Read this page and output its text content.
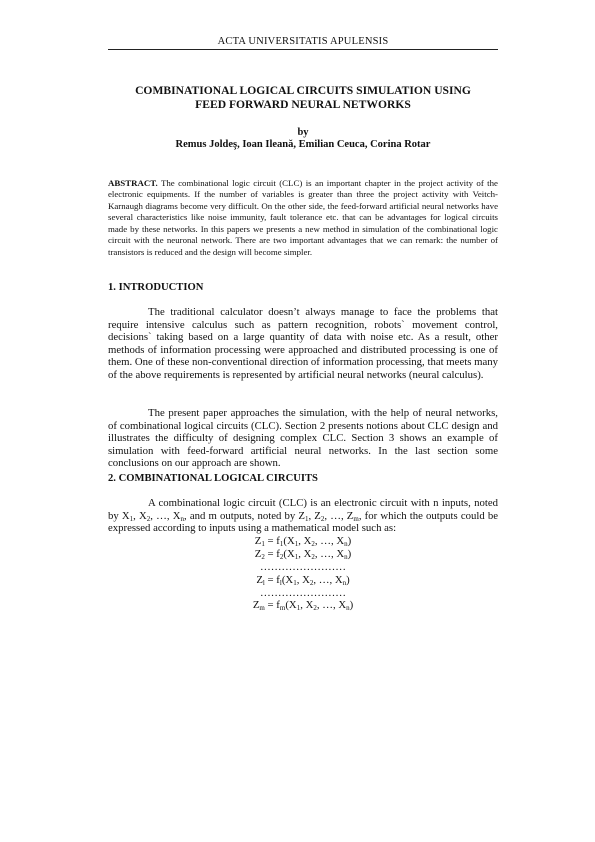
ACTA UNIVERSITATIS APULENSIS
COMBINATIONAL LOGICAL CIRCUITS SIMULATION USING
FEED FORWARD NEURAL NETWORKS
by
Remus Joldeş, Ioan Ileană, Emilian Ceuca, Corina Rotar

ABSTRACT. The combinational logic circuit (CLC) is an important chapter in the project activity of the electronic equipments. If the number of variables is greater than three the project activity with Veitch-Karnaugh diagrams become very difficult. On the other side, the feed-forward artificial neural networks have several characteristics like noise immunity, fault tolerance etc. that can be advantages for logical circuits made by these networks. In this papers we presents a new method in simulation of the combinational logic circuit with the neuronal network. There are two important advantages that we can remark: the number of transistors is reduced and the design will become simpler.

1. INTRODUCTION

The traditional calculator doesn’t always manage to face the problems that require intensive calculus such as pattern recognition, robots` movement control, decisions` taking based on a large quantity of data with noise etc. As a result, other methods of information processing were approached and distributed processing is one of them. One of these non-conventional direction of information processing, that meets many of the above requirements is represented by artificial neural networks (neural calculus).

The present paper approaches the simulation, with the help of neural networks, of combinational logical circuits (CLC). Section 2 presents notions about CLC design and illustrates the difficulty of designing complex CLC. Section 3 shows an example of simulation with feed-forward artificial neural networks. In the last section some conclusions on our approach are shown.

2. COMBINATIONAL LOGICAL CIRCUITS

A combinational logic circuit (CLC) is an electronic circuit with n inputs, noted by $X_1$, $X_2$, …, $X_n$, and m outputs, noted by $Z_1$, $Z_2$, …, $Z_m$, for which the outputs could be expressed according to inputs using a mathematical model such as:

$Z_1 = f_1(X_1$, $X_2$, …, $X_n$)
$Z_2 = f_2(X_1$, $X_2$, …, $X_n$)
……………………
$Z_l = f_l(X_1$, $X_2$, …, $X_n$)
……………………
$Z_m = f_m(X_1$, $X_2$, …, $X_n$)
